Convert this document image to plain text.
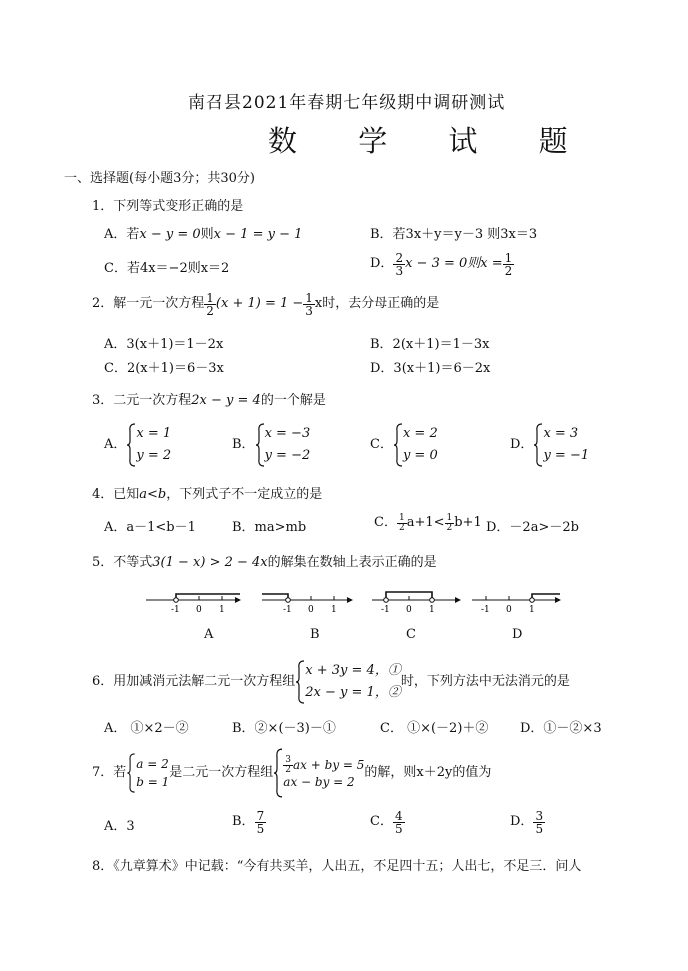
南召县2021年春期七年级期中调研测试
数 学 试 题
一、选择题(每小题3分；共30分)
1．下列等式变形正确的是
A．若x − y = 0则x − 1 = y − 1	B．若3x＋y＝y－3 则3x＝3
C．若4x＝−2则x＝2	D． $\frac{2}{3}$ x − 3 = 0则$x = \frac{1}{2}$
2．解一元一次方程 $\frac{1}{2} (x + 1) = 1 - \frac{1}{3}$ x时，去分母正确的是
A．3(x＋1)＝1－2x	B．2(x＋1)＝1－3x
C．2(x＋1)＝6－3x	D．3(x＋1)＝6－2x
3．二元一次方程2x − y = 4的一个解是
A．
x = 1
y = 2
B．
x = −3
y = −2
C．
x = 2
y = 0
D．
x = 3
y = −1
4．已知a<b，下列式子不一定成立的是
A．a－1<b－1	B．ma>mb	C． $\frac{1}{2} a+1< \frac{1}{2} b+1$ D．－2a>－2b
5．不等式3(1 − x) > 2 − 4x的解集在数轴上表示正确的是
-1 0 1	-1 0 1	-1 0 1	-1 0 1
A	B	C	D
6．用加减消元法解二元一次方程组
x + 3y = 4，①
2x − y = 1，②
时，下列方法中无法消元的是
A． ①×2－②	B．②×(－3)－①	C． ①×(－2)＋② D．①－②×3
7．若
a = 2
b = 1
是二元一次方程组 $\frac{3}{2}$ ax + by = 5
ax − by = 2
的解，则x＋2y的值为
A．3	B． $\frac{7}{5}$	C． $\frac{4}{5}$	D． $\frac{3}{5}$
8．《九章算术》中记载：“今有共买羊，人出五，不足四十五；人出七，不足三．问人
